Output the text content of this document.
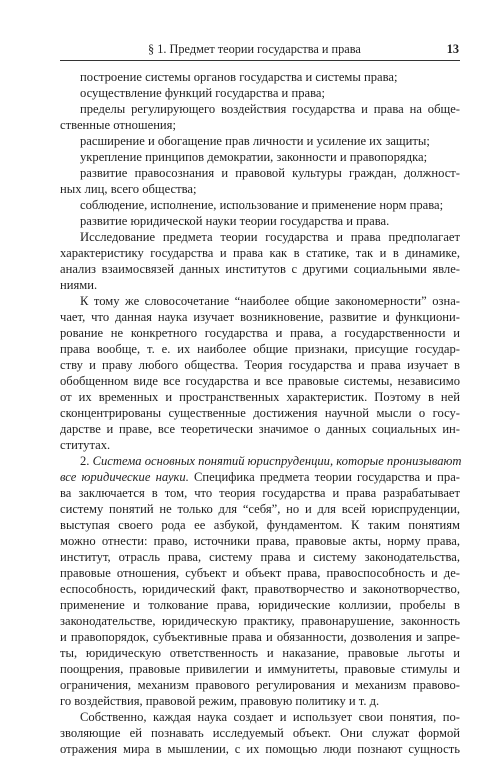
§ 1. Предмет теории государства и права	13
построение системы органов государства и системы права;
осуществление функций государства и права;
пределы регулирующего воздействия государства и права на обще-
ственные отношения;
расширение и обогащение прав личности и усиление их защиты;
укрепление принципов демократии, законности и правопорядка;
развитие правосознания и правовой культуры граждан, должност-
ных лиц, всего общества;
соблюдение, исполнение, использование и применение норм права;
развитие юридической науки теории государства и права.
Исследование предмета теории государства и права предполагает
характеристику государства и права как в статике, так и в динамике,
анализ взаимосвязей данных институтов с другими социальными явле-
ниями.
К тому же словосочетание “наиболее общие закономерности” озна-
чает, что данная наука изучает возникновение, развитие и функциони-
рование не конкретного государства и права, а государственности и
права вообще, т. е. их наиболее общие признаки, присущие государ-
ству и праву любого общества. Теория государства и права изучает в
обобщенном виде все государства и все правовые системы, независимо
от их временных и пространственных характеристик. Поэтому в ней
сконцентрированы существенные достижения научной мысли о госу-
дарстве и праве, все теоретически значимое о данных социальных ин-
ститутах.
2. Система основных понятий юриспруденции, которые пронизывают
все юридические науки. Специфика предмета теории государства и пра-
ва заключается в том, что теория государства и права разрабатывает
систему понятий не только для “себя”, но и для всей юриспруденции,
выступая своего рода ее азбукой, фундаментом. К таким понятиям
можно отнести: право, источники права, правовые акты, норму права,
институт, отрасль права, систему права и систему законодательства,
правовые отношения, субъект и объект права, правоспособность и де-
еспособность, юридический факт, правотворчество и законотворчество,
применение и толкование права, юридические коллизии, пробелы в
законодательстве, юридическую практику, правонарушение, законность
и правопорядок, субъективные права и обязанности, дозволения и запре-
ты, юридическую ответственность и наказание, правовые льготы и
поощрения, правовые привилегии и иммунитеты, правовые стимулы и
ограничения, механизм правового регулирования и механизм правово-
го воздействия, правовой режим, правовую политику и т. д.
Собственно, каждая наука создает и использует свои понятия, по-
зволяющие ей познавать исследуемый объект. Они служат формой
отражения мира в мышлении, с их помощью люди познают сущность
